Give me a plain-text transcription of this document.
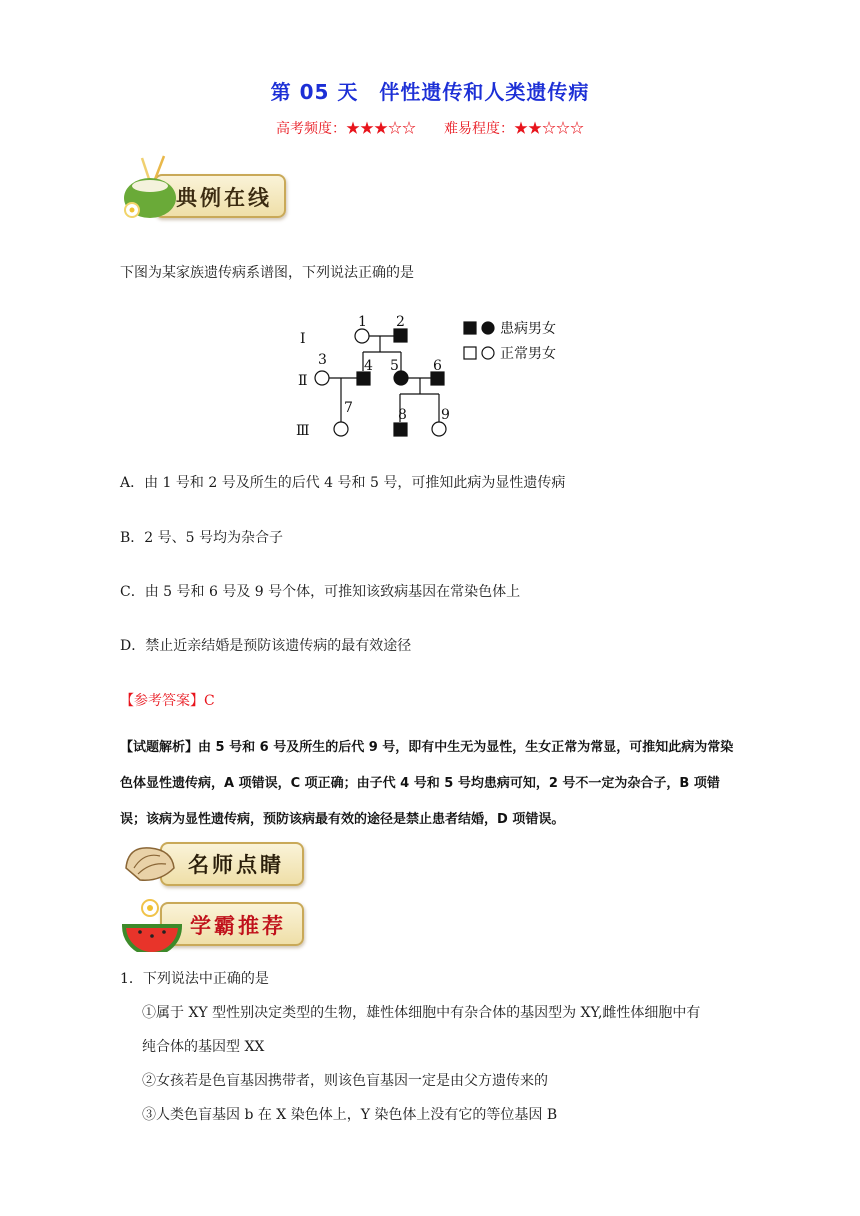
第 05 天　伴性遗传和人类遗传病
高考频度：★★★☆☆　　难易程度：★★☆☆☆
典例在线
下图为某家族遗传病系谱图，下列说法正确的是
Ⅰ
Ⅱ
Ⅲ
1 2
3	4 5 6
7	8 9
患病男女
正常男女
A．由 1 号和 2 号及所生的后代 4 号和 5 号，可推知此病为显性遗传病
B．2 号、5 号均为杂合子
C．由 5 号和 6 号及 9 号个体，可推知该致病基因在常染色体上
D．禁止近亲结婚是预防该遗传病的最有效途径
【参考答案】C
【试题解析】由 5 号和 6 号及所生的后代 9 号，即有中生无为显性，生女正常为常显，可推知此病为常染色体显性遗传病，A 项错误，C 项正确；由子代 4 号和 5 号均患病可知，2 号不一定为杂合子，B 项错误；该病为显性遗传病，预防该病最有效的途径是禁止患者结婚，D 项错误。
名师点睛
学霸推荐
1．下列说法中正确的是
①属于 XY 型性别决定类型的生物，雄性体细胞中有杂合体的基因型为 XY,雌性体细胞中有
纯合体的基因型 XX
②女孩若是色盲基因携带者，则该色盲基因一定是由父方遗传来的
③人类色盲基因 b 在 X 染色体上，Y 染色体上没有它的等位基因 B
